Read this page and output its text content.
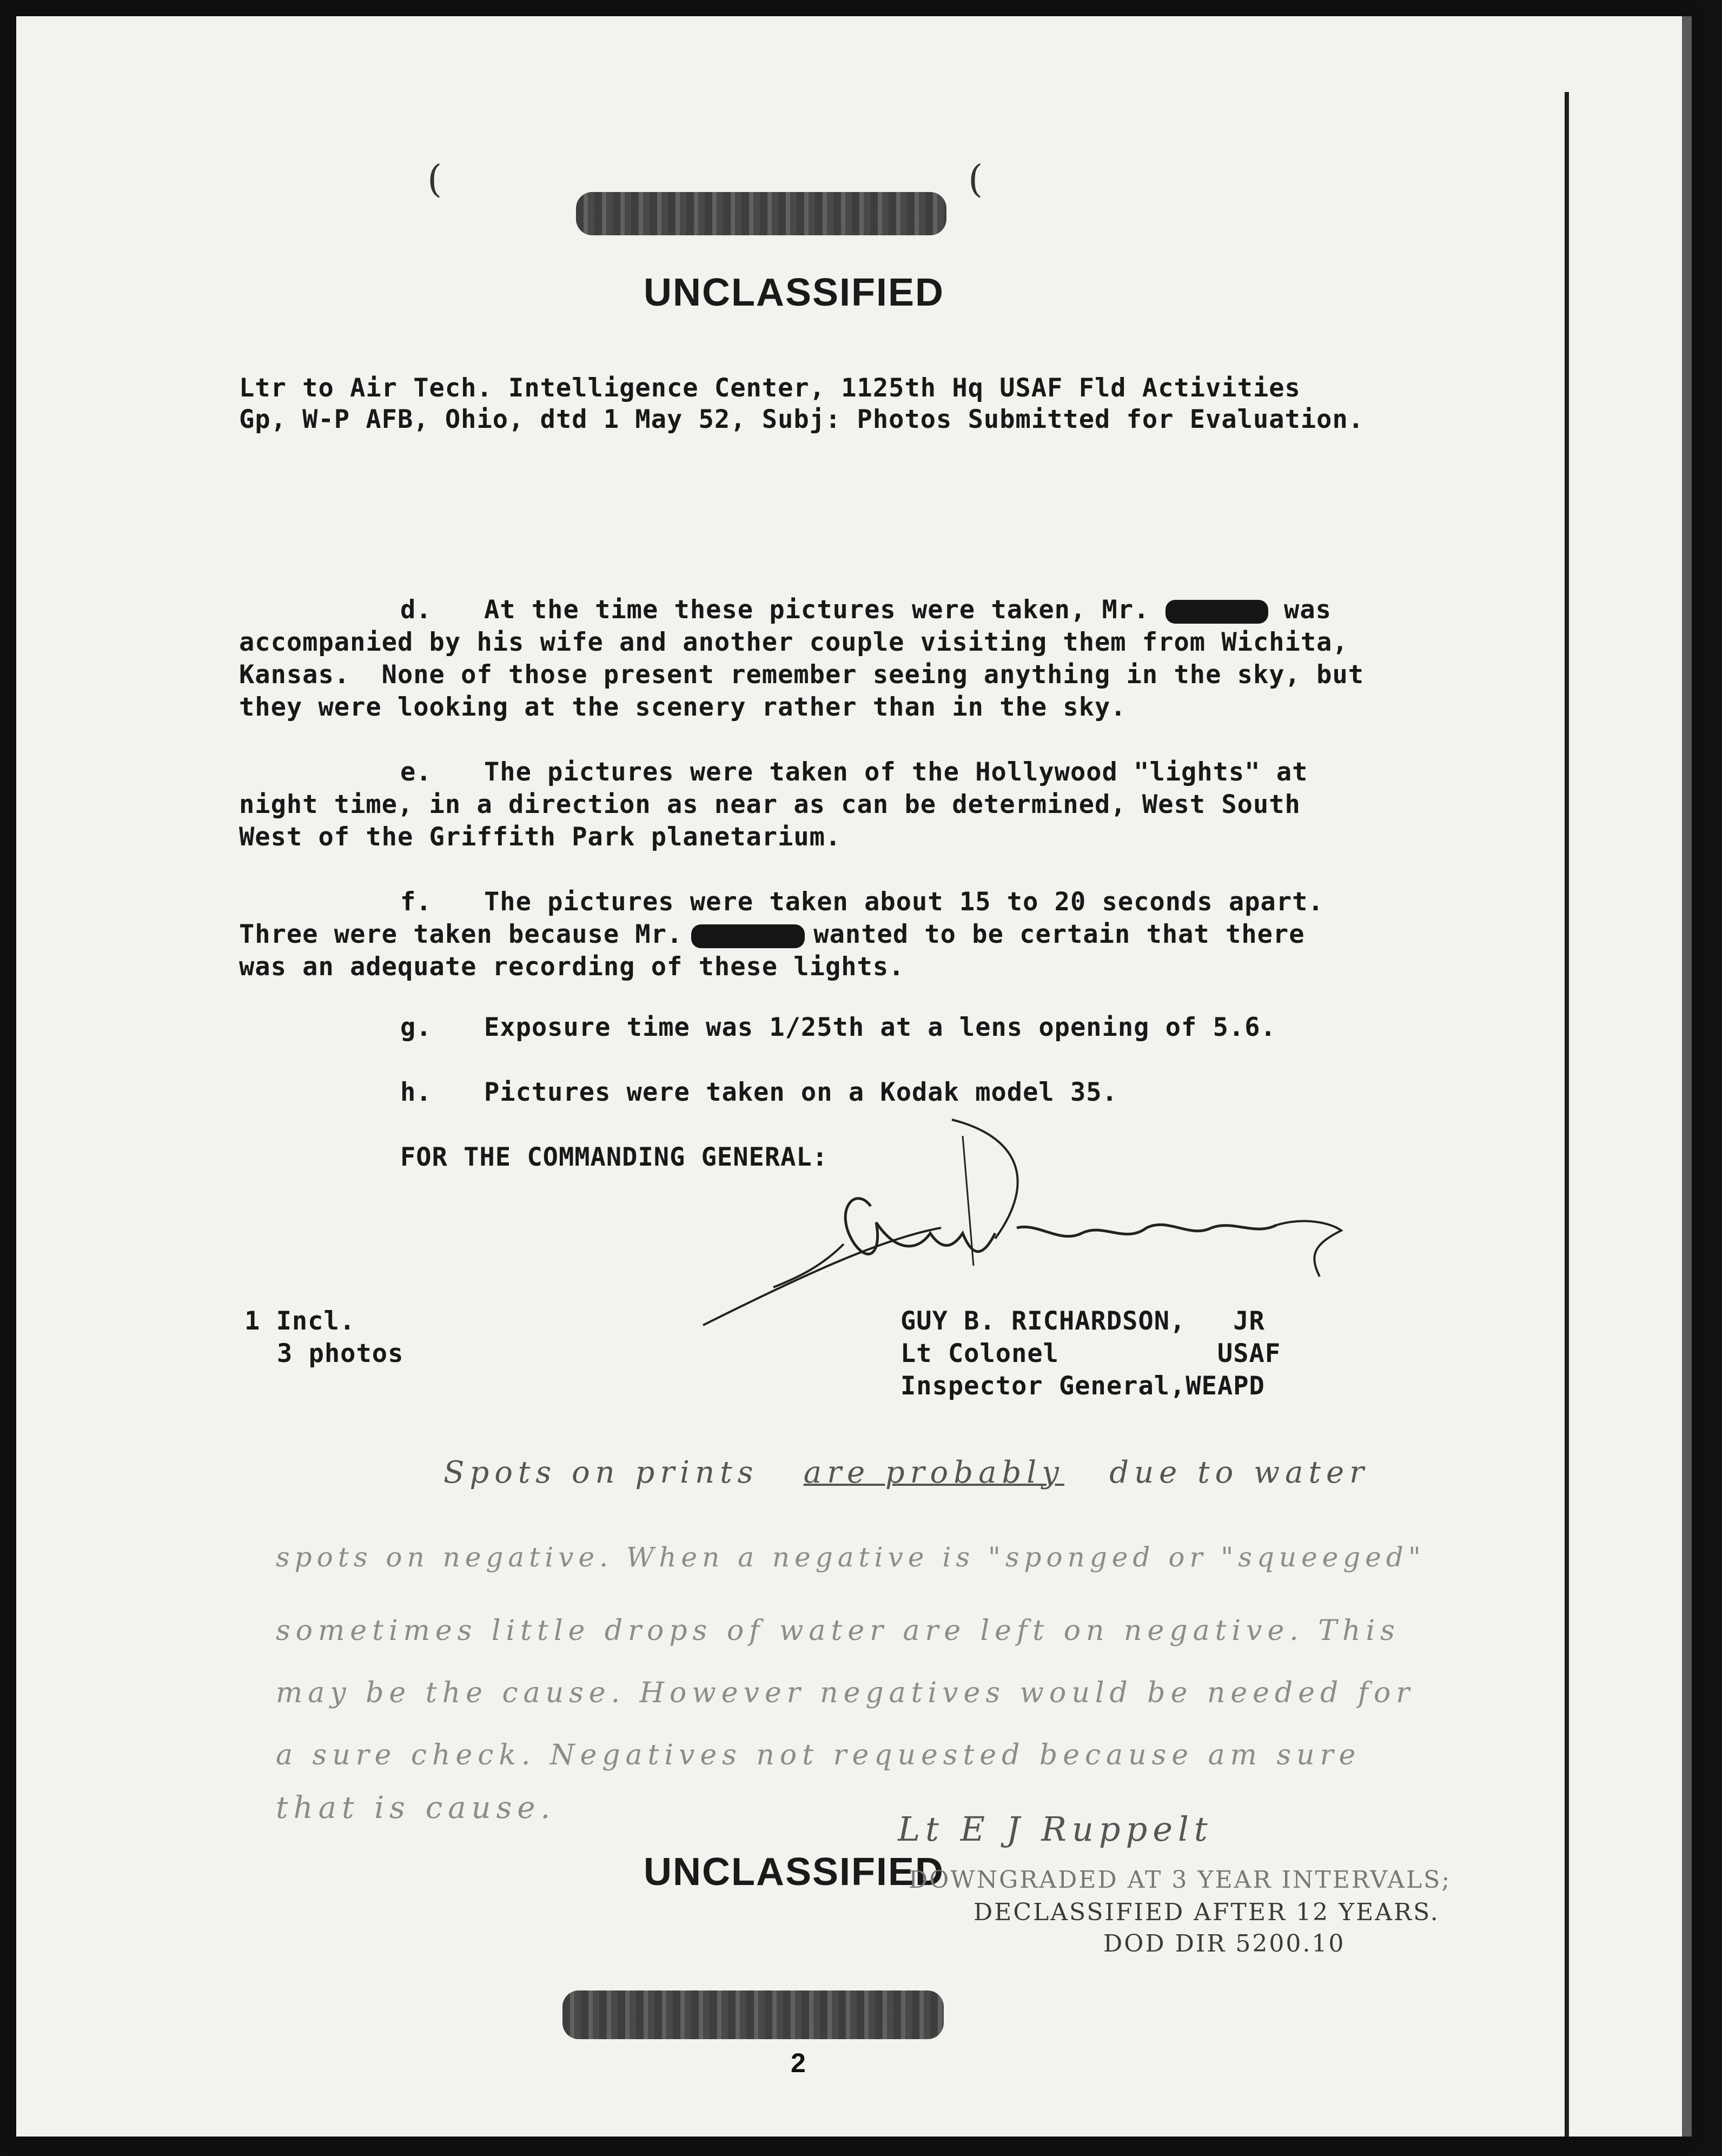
(	(
UNCLASSIFIED
Ltr to Air Tech. Intelligence Center, 1125th Hq USAF Fld Activities
Gp, W-P AFB, Ohio, dtd 1 May 52, Subj: Photos Submitted for Evaluation.
d. At the time these pictures were taken, Mr.	was
accompanied by his wife and another couple visiting them from Wichita,
Kansas.  None of those present remember seeing anything in the sky, but
they were looking at the scenery rather than in the sky.
e. The pictures were taken of the Hollywood "lights" at
night time, in a direction as near as can be determined, West South
West of the Griffith Park planetarium.
f. The pictures were taken about 15 to 20 seconds apart.
Three were taken because Mr.	wanted to be certain that there
was an adequate recording of these lights.
g. Exposure time was 1/25th at a lens opening of 5.6.
h. Pictures were taken on a Kodak model 35.
FOR THE COMMANDING GENERAL:
1 Incl.
3 photos
GUY B. RICHARDSON,   JR
Lt Colonel          USAF
Inspector General,WEAPD
Spots on prints are probably due to water
spots on negative. When a negative is "sponged or "squeeged"
sometimes little drops of water are left on negative. This
may be the cause. However negatives would be needed for
a sure check. Negatives not requested because am sure
that is cause.
Lt E J Ruppelt
UNCLASSIFIED
DOWNGRADED AT 3 YEAR INTERVALS;
DECLASSIFIED AFTER 12 YEARS.
DOD DIR 5200.10
2
